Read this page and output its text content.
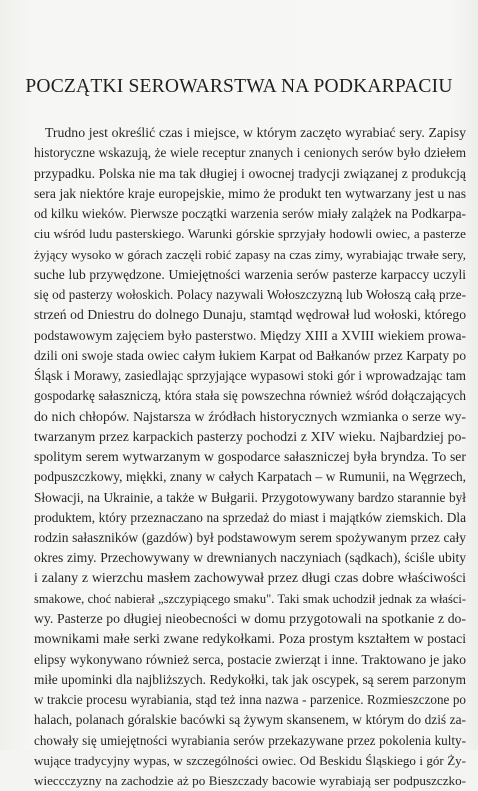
POCZĄTKI SEROWARSTWA NA PODKARPACIU
Trudno jest określić czas i miejsce, w którym zaczęto wyrabiać sery. Zapisy
historyczne wskazują, że wiele receptur znanych i cenionych serów było dziełem
przypadku. Polska nie ma tak długiej i owocnej tradycji związanej z produkcją
sera jak niektóre kraje europejskie, mimo że produkt ten wytwarzany jest u nas
od kilku wieków. Pierwsze początki warzenia serów miały zalążek na Podkarpa-
ciu wśród ludu pasterskiego. Warunki górskie sprzyjały hodowli owiec, a pasterze
żyjący wysoko w górach zaczęli robić zapasy na czas zimy, wyrabiając trwałe sery,
suche lub przywędzone. Umiejętności warzenia serów pasterze karpaccy uczyli
się od pasterzy wołoskich. Polacy nazywali Wołoszczyzną lub Wołoszą całą prze-
strzeń od Dniestru do dolnego Dunaju, stamtąd wędrował lud wołoski, którego
podstawowym zajęciem było pasterstwo. Między XIII a XVIII wiekiem prowa-
dzili oni swoje stada owiec całym łukiem Karpat od Bałkanów przez Karpaty po
Śląsk i Morawy, zasiedlając sprzyjające wypasowi stoki gór i wprowadzając tam
gospodarkę sałaszniczą, która stała się powszechna również wśród dołączających
do nich chłopów. Najstarsza w źródłach historycznych wzmianka o serze wy-
twarzanym przez karpackich pasterzy pochodzi z XIV wieku. Najbardziej po-
spolitym serem wytwarzanym w gospodarce sałaszniczej była bryndza. To ser
podpuszczkowy, miękki, znany w całych Karpatach – w Rumunii, na Węgrzech,
Słowacji, na Ukrainie, a także w Bułgarii. Przygotowywany bardzo starannie był
produktem, który przeznaczano na sprzedaż do miast i majątków ziemskich. Dla
rodzin sałaszników (gazdów) był podstawowym serem spożywanym przez cały
okres zimy. Przechowywany w drewnianych naczyniach (sądkach), ściśle ubity
i zalany z wierzchu masłem zachowywał przez długi czas dobre właściwości
smakowe, choć nabierał „szczypiącego smaku". Taki smak uchodził jednak za właści-
wy. Pasterze po długiej nieobecności w domu przygotowali na spotkanie z do-
mownikami małe serki zwane redykołkami. Poza prostym kształtem w postaci
elipsy wykonywano również serca, postacie zwierząt i inne. Traktowano je jako
miłe upominki dla najbliższych. Redykołki, tak jak oscypek, są serem parzonym
w trakcie procesu wyrabiania, stąd też inna nazwa - parzenice. Rozmieszczone po
halach, polanach góralskie bacówki są żywym skansenem, w którym do dziś za-
chowały się umiejętności wyrabiania serów przekazywane przez pokolenia kulty-
wujące tradycyjny wypas, w szczególności owiec. Od Beskidu Śląskiego i gór Ży-
wieccczyzny na zachodzie aż po Bieszczady bacowie wyrabiają ser podpuszczko-
